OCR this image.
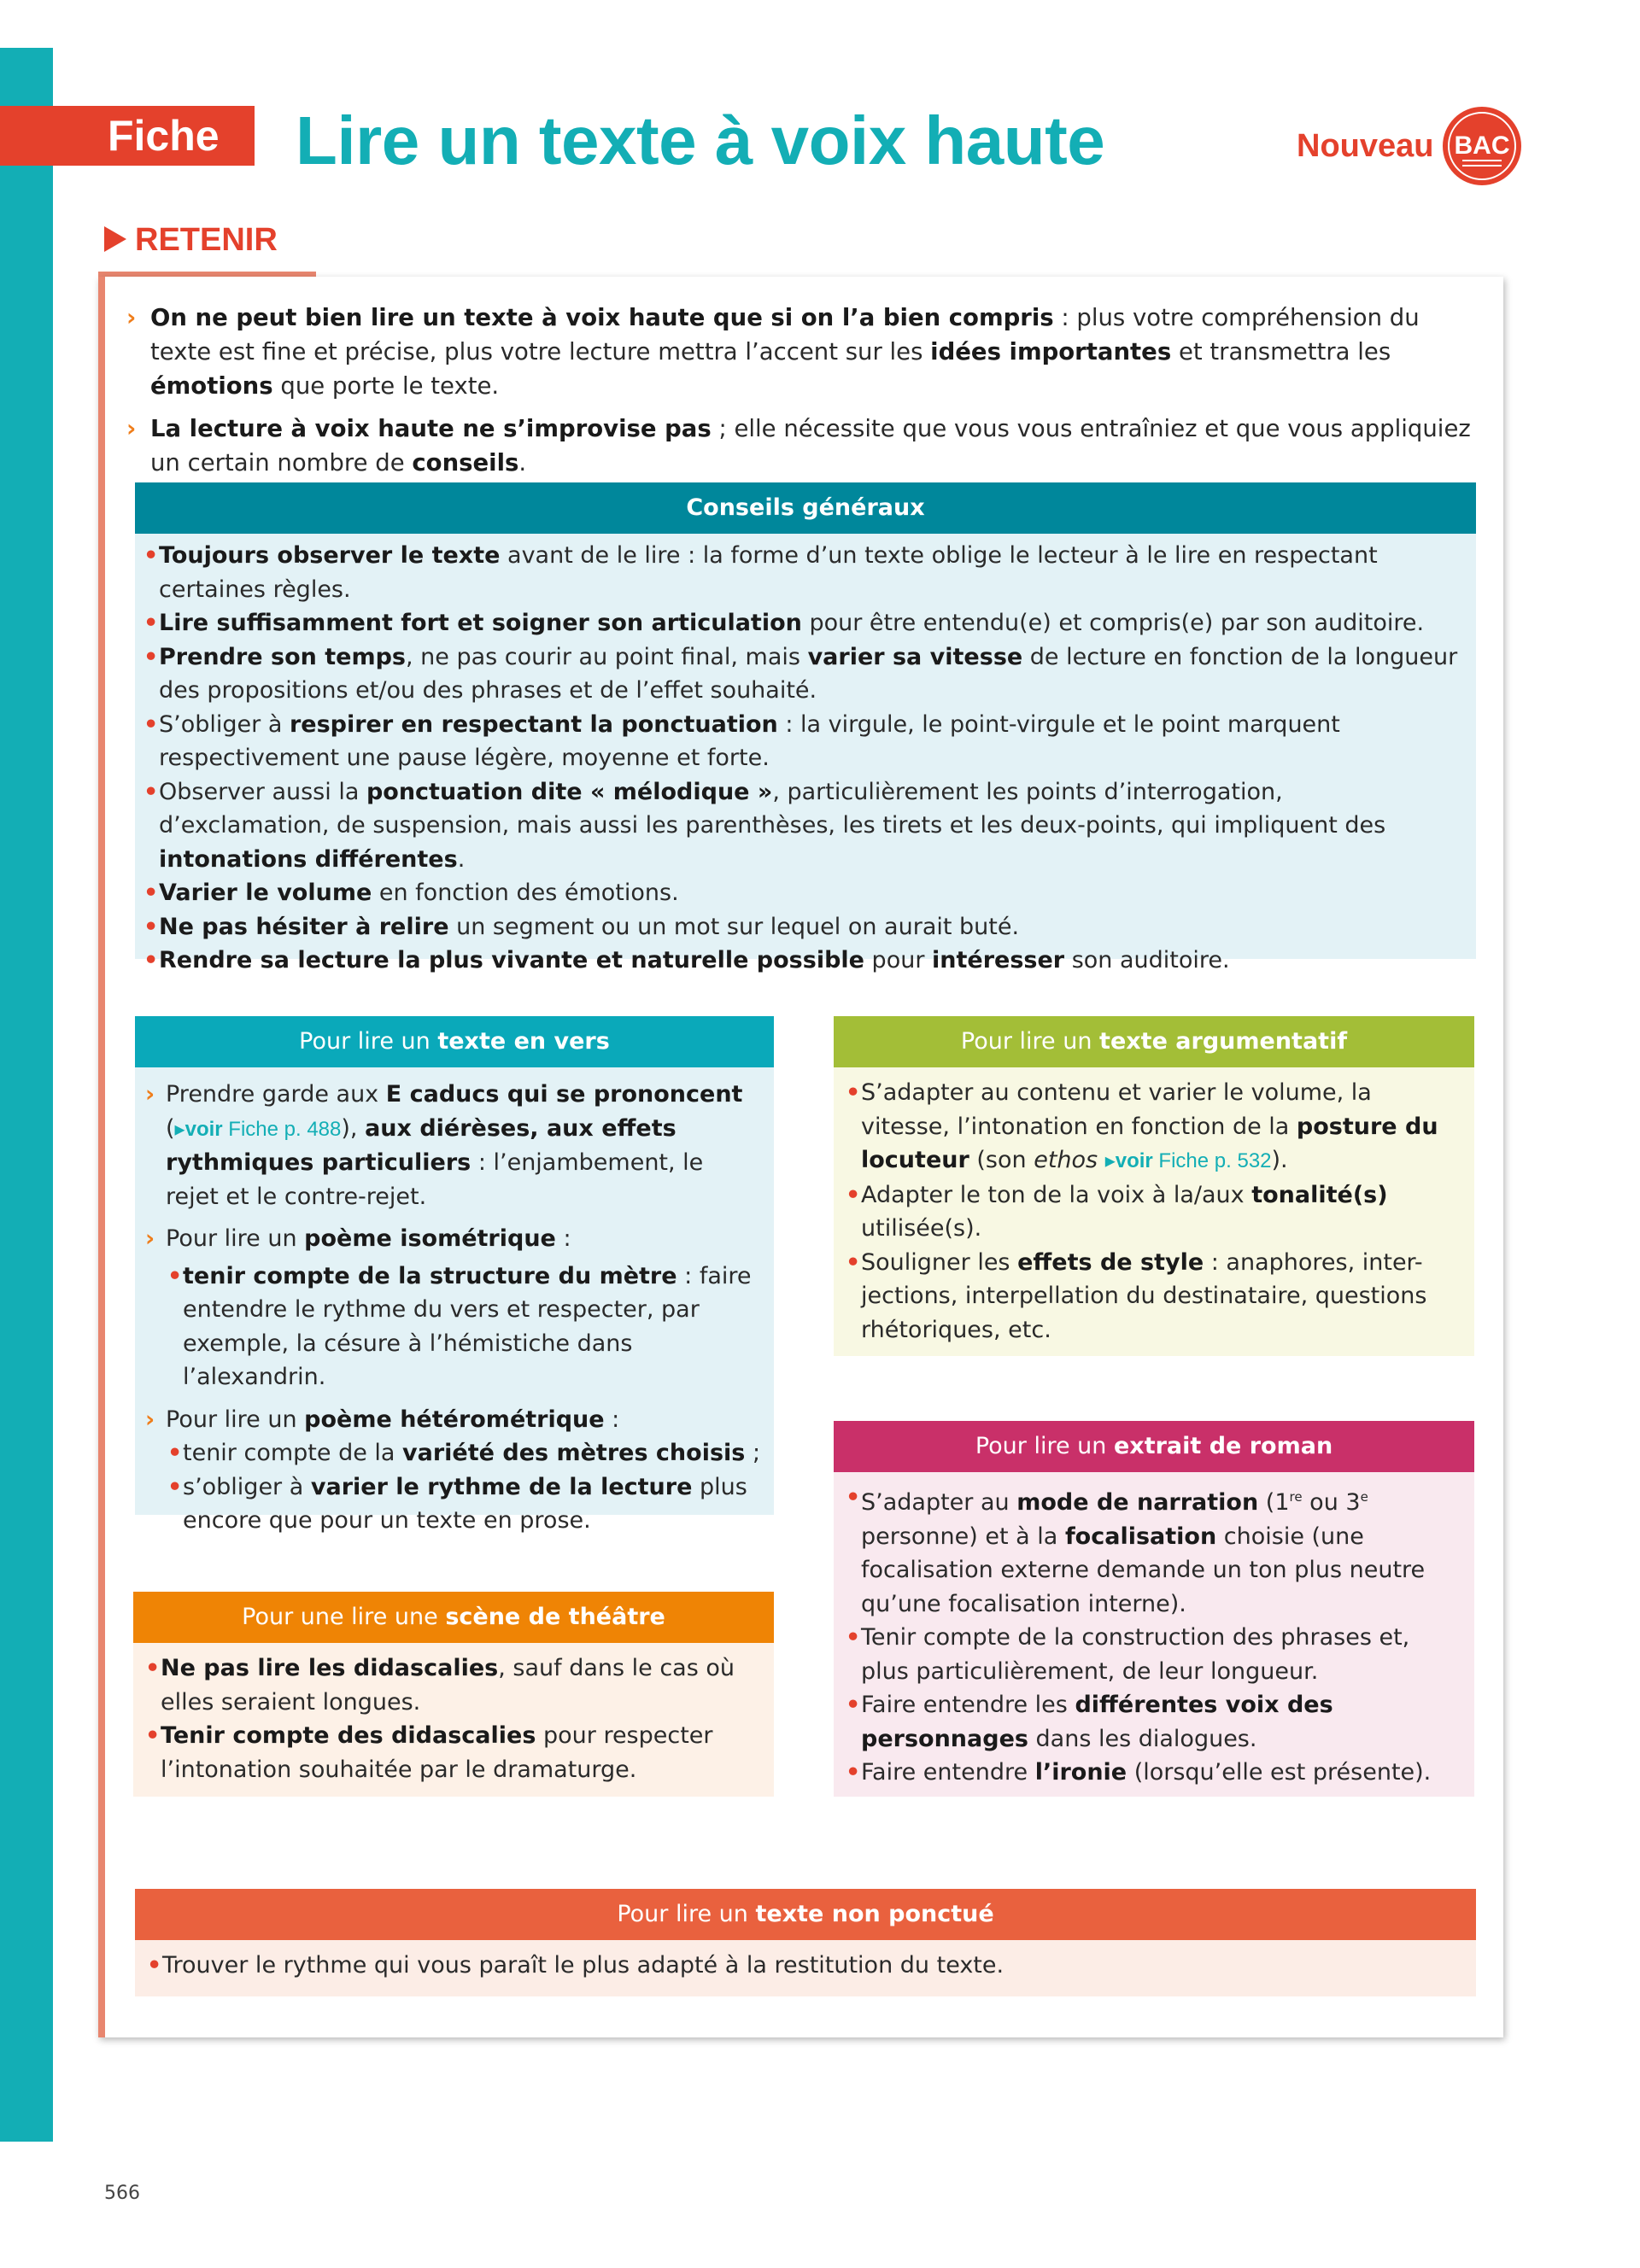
Fiche 1
Lire un texte à voix haute	Nouveau BAC
RETENIR

› On ne peut bien lire un texte à voix haute que si on l’a bien compris : plus votre compréhension du texte est fine et précise, plus votre lecture mettra l’accent sur les idées importantes et transmettra les émotions que porte le texte.

› La lecture à voix haute ne s’improvise pas ; elle nécessite que vous vous entraîniez et que vous appliquiez un certain nombre de conseils.

Conseils généraux
• Toujours observer le texte avant de le lire : la forme d’un texte oblige le lecteur à le lire en respectant certaines règles.
• Lire suffisamment fort et soigner son articulation pour être entendu(e) et compris(e) par son auditoire.
• Prendre son temps, ne pas courir au point final, mais varier sa vitesse de lecture en fonction de la longueur des propositions et/ou des phrases et de l’effet souhaité.
• S’obliger à respirer en respectant la ponctuation : la virgule, le point-virgule et le point marquent respectivement une pause légère, moyenne et forte.
• Observer aussi la ponctuation dite « mélodique », particulièrement les points d’interrogation, d’exclamation, de suspension, mais aussi les parenthèses, les tirets et les deux-points, qui impliquent des intonations différentes.
• Varier le volume en fonction des émotions.
• Ne pas hésiter à relire un segment ou un mot sur lequel on aurait buté.
• Rendre sa lecture la plus vivante et naturelle possible pour intéresser son auditoire.
Pour lire un texte en vers

› Prendre garde aux E caducs qui se prononcent (▸voir Fiche p. 488), aux diérèses, aux effets rythmiques particuliers : l’enjambement, le rejet et le contre-rejet.

› Pour lire un poème isométrique :

• tenir compte de la structure du mètre : faire entendre le rythme du vers et respecter, par exemple, la césure à l’hémistiche dans l’alexandrin.

› Pour lire un poème hétérométrique :

• tenir compte de la variété des mètres choisis ;
• s’obliger à varier le rythme de la lecture plus encore que pour un texte en prose.
Pour lire un texte argumentatif
• S’adapter au contenu et varier le volume, la vitesse, l’intonation en fonction de la posture du locuteur (son ethos ▸voir Fiche p. 532).
• Adapter le ton de la voix à la/aux tonalité(s) utilisée(s).
• Souligner les effets de style : anaphores, inter-jections, interpellation du destinataire, questions rhétoriques, etc.
Pour lire un extrait de roman
• S’adapter au mode de narration (1re ou 3e personne) et à la focalisation choisie (une focalisation externe demande un ton plus neutre qu’une focalisation interne).
• Tenir compte de la construction des phrases et, plus particulièrement, de leur longueur.
• Faire entendre les différentes voix des personnages dans les dialogues.
• Faire entendre l’ironie (lorsqu’elle est présente).
Pour une lire une scène de théâtre
• Ne pas lire les didascalies, sauf dans le cas où elles seraient longues.
• Tenir compte des didascalies pour respecter l’intonation souhaitée par le dramaturge.
Pour lire un texte non ponctué
• Trouver le rythme qui vous paraît le plus adapté à la restitution du texte.
566
